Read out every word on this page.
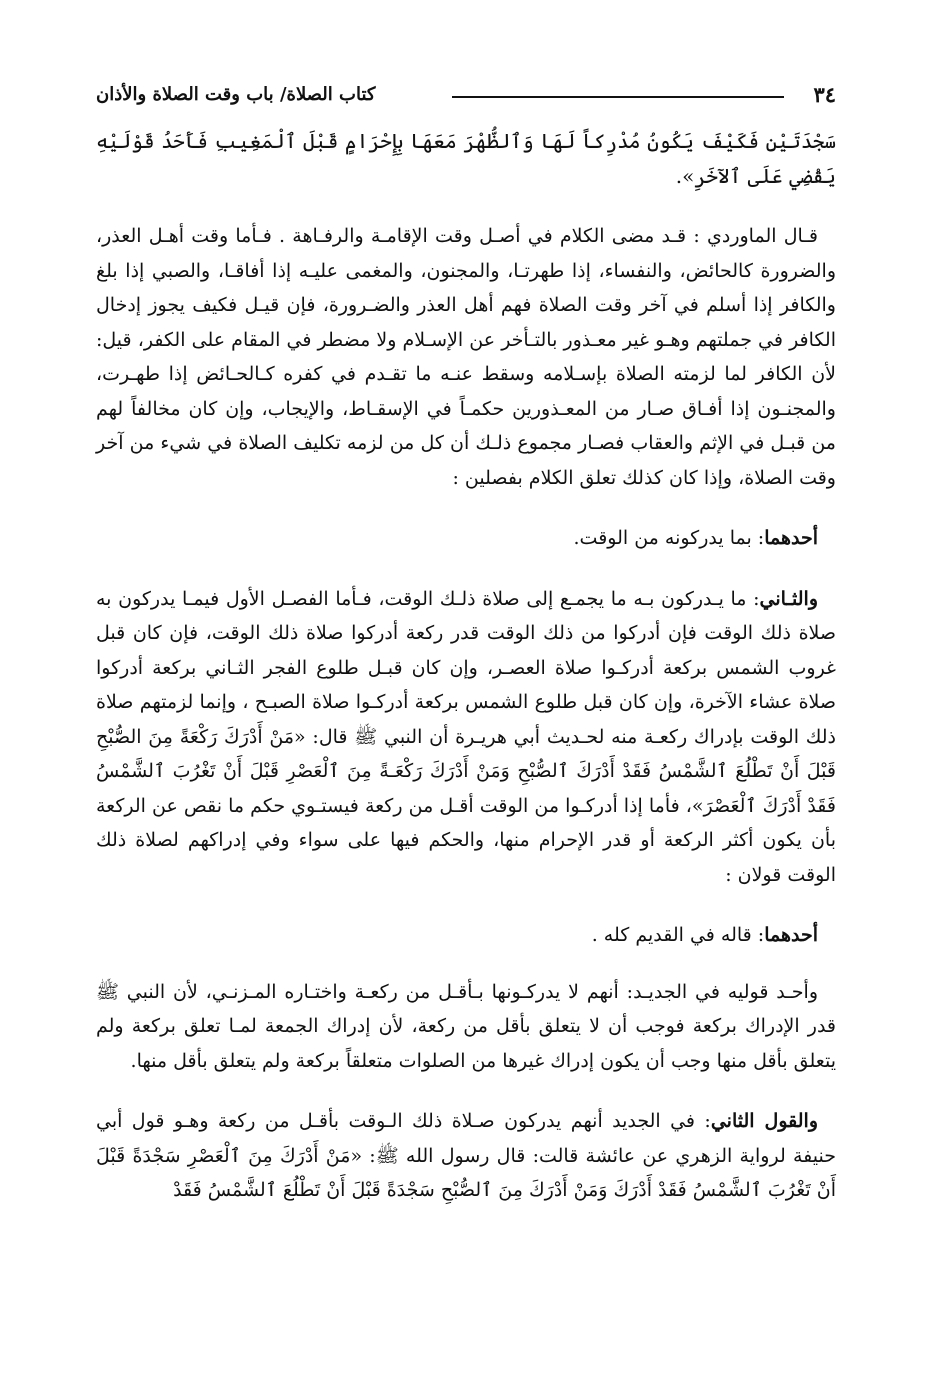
٣٤
كتاب الصلاة/ باب وقت الصلاة والأذان

سَجْدَتَيْنِ فَكَيْفَ يَكُونُ مُدْرِكاً لَهَا وَٱلظُّهْرَ مَعَهَا بِإِحْرَامٍ قَبْلَ ٱلْمَغِيبِ فَأَحَدُ قَوْلَيْهِ يَقْضِي عَلَى ٱلآخَرِ».

قـال الماوردي : قـد مضى الكلام في أصـل وقت الإقامـة والرفـاهة . فـأما وقت أهـل العذر، والضرورة كالحائض، والنفساء، إذا طهرتـا، والمجنون، والمغمى عليـه إذا أفاقـا، والصبي إذا بلغ والكافر إذا أسلم في آخر وقت الصلاة فهم أهل العذر والضـرورة، فإن قيـل فكيف يجوز إدخال الكافر في جملتهم وهـو غير معـذور بالتـأخر عن الإسـلام ولا مضطر في المقام على الكفر، قيل: لأن الكافر لما لزمته الصلاة بإسـلامه وسقط عنـه ما تقـدم في كفره كـالحـائض إذا طهـرت، والمجنـون إذا أفـاق صـار من المعـذورين حكمـاً في الإسقـاط، والإيجاب، وإن كان مخالفاً لهم من قبـل في الإثم والعقاب فصـار مجموع ذلـك أن كل من لزمه تكليف الصلاة في شيء من آخر وقت الصلاة، وإذا كان كذلك تعلق الكلام بفصلين :

أحدهما: بما يدركونه من الوقت.

والثـاني: ما يـدركون بـه ما يجمـع إلى صلاة ذلـك الوقت، فـأما الفصـل الأول فيمـا يدركون به صلاة ذلك الوقت فإن أدركوا من ذلك الوقت قدر ركعة أدركوا صلاة ذلك الوقت، فإن كان قبل غروب الشمس بركعة أدركـوا صلاة العصـر، وإن كان قبـل طلوع الفجر الثـاني بركعة أدركوا صلاة عشاء الآخرة، وإن كان قبل طلوع الشمس بركعة أدركـوا صلاة الصبـح ، وإنما لزمتهم صلاة ذلك الوقت بإدراك ركعـة منه لحـديث أبي هريـرة أن النبي ﷺ قال: «مَنْ أَدْرَكَ رَكْعَةً مِنَ الصُّبْحِ قَبْلَ أَنْ تَطْلُعَ ٱلشَّمْسُ فَقَدْ أَدْرَكَ ٱلصُّبْحِ وَمَنْ أَدْرَكَ رَكْعَـةً مِنَ ٱلْعَصْرِ قَبْلَ أَنْ تَغْرُبَ ٱلشَّمْسُ فَقَدْ أَدْرَكَ ٱلْعَصْرَ»، فأما إذا أدركـوا من الوقت أقـل من ركعة فيستـوي حكم ما نقص عن الركعة بأن يكون أكثر الركعة أو قدر الإحرام منها، والحكم فيها على سواء وفي إدراكهم لصلاة ذلك الوقت قولان :

أحدهما: قاله في القديم كله .

وأحـد قوليه في الجديـد: أنهم لا يدركـونها بـأقـل من ركعـة واختـاره المـزنـي، لأن النبي ﷺ قدر الإدراك بركعة فوجب أن لا يتعلق بأقل من ركعة، لأن إدراك الجمعة لمـا تعلق بركعة ولم يتعلق بأقل منها وجب أن يكون إدراك غيرها من الصلوات متعلقاً بركعة ولم يتعلق بأقل منها.

والقول الثاني: في الجديد أنهم يدركون صـلاة ذلك الـوقت بأقـل من ركعة وهـو قول أبي حنيفة لرواية الزهري عن عائشة قالت: قال رسول الله ﷺ: «مَنْ أَدْرَكَ مِنَ ٱلْعَصْرِ سَجْدَةً قَبْلَ أَنْ تَغْرُبَ ٱلشَّمْسُ فَقَدْ أَدْرَكَ وَمَنْ أَدْرَكَ مِنَ ٱلصُّبْحِ سَجْدَةً قَبْلَ أَنْ تَطْلُعَ ٱلشَّمْسُ فَقَدْ
